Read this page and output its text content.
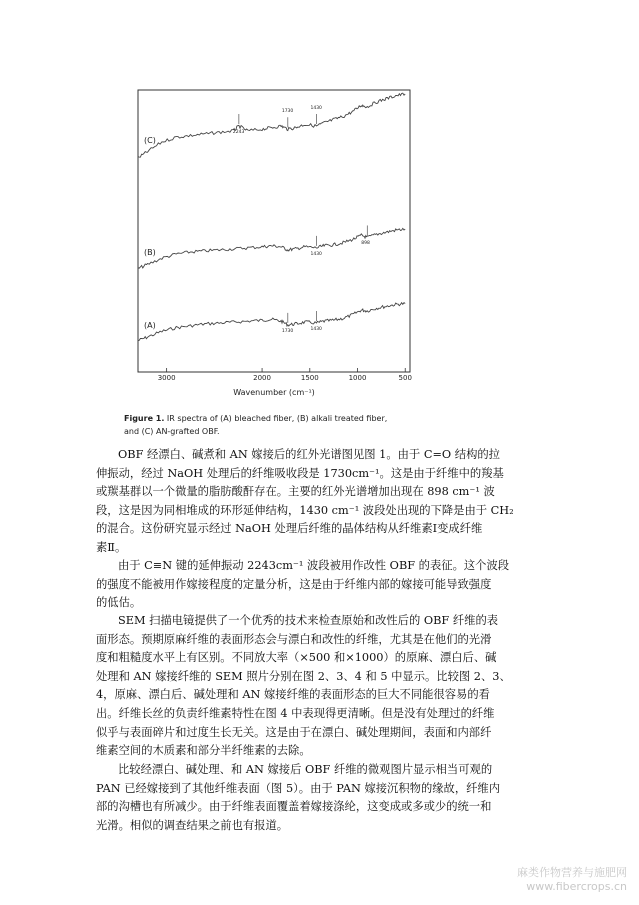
3000	2000	1500	1000	500
Wavenumber (cm⁻¹)
(A)
(B)
(C)
2243
1730
1430
1430
898
1730	1430
Figure 1. IR spectra of (A) bleached fiber, (B) alkali treated fiber,
and (C) AN-grafted OBF.
OBF 经漂白、碱煮和 AN 嫁接后的红外光谱图见图 1。由于 C=O 结构的拉
伸振动，经过 NaOH 处理后的纤维吸收段是 1730cm⁻¹。这是由于纤维中的羧基
或羰基群以一个微量的脂肪酸酐存在。主要的红外光谱增加出现在 898 cm⁻¹ 波
段，这是因为同相堆成的环形延伸结构，1430 cm⁻¹ 波段处出现的下降是由于 CH₂
的混合。这份研究显示经过 NaOH 处理后纤维的晶体结构从纤维素Ⅰ变成纤维
素Ⅱ。
由于 C≡N 键的延伸振动 2243cm⁻¹ 波段被用作改性 OBF 的表征。这个波段
的强度不能被用作嫁接程度的定量分析，这是由于纤维内部的嫁接可能导致强度
的低估。
SEM 扫描电镜提供了一个优秀的技术来检查原始和改性后的 OBF 纤维的表
面形态。预期原麻纤维的表面形态会与漂白和改性的纤维，尤其是在他们的光滑
度和粗糙度水平上有区别。不同放大率（×500 和×1000）的原麻、漂白后、碱
处理和 AN 嫁接纤维的 SEM 照片分别在图 2、3、4 和 5 中显示。比较图 2、3、
4，原麻、漂白后、碱处理和 AN 嫁接纤维的表面形态的巨大不同能很容易的看
出。纤维长丝的负责纤维素特性在图 4 中表现得更清晰。但是没有处理过的纤维
似乎与表面碎片和过度生长无关。这是由于在漂白、碱处理期间，表面和内部纤
维素空间的木质素和部分半纤维素的去除。
比较经漂白、碱处理、和 AN 嫁接后 OBF 纤维的微观图片显示相当可观的
PAN 已经嫁接到了其他纤维表面（图 5）。由于 PAN 嫁接沉积物的缘故，纤维内
部的沟槽也有所减少。由于纤维表面覆盖着嫁接涤纶，这变成或多或少的统一和
光滑。相似的调查结果之前也有报道。
麻类作物营养与施肥网
www.fibercrops.cn
